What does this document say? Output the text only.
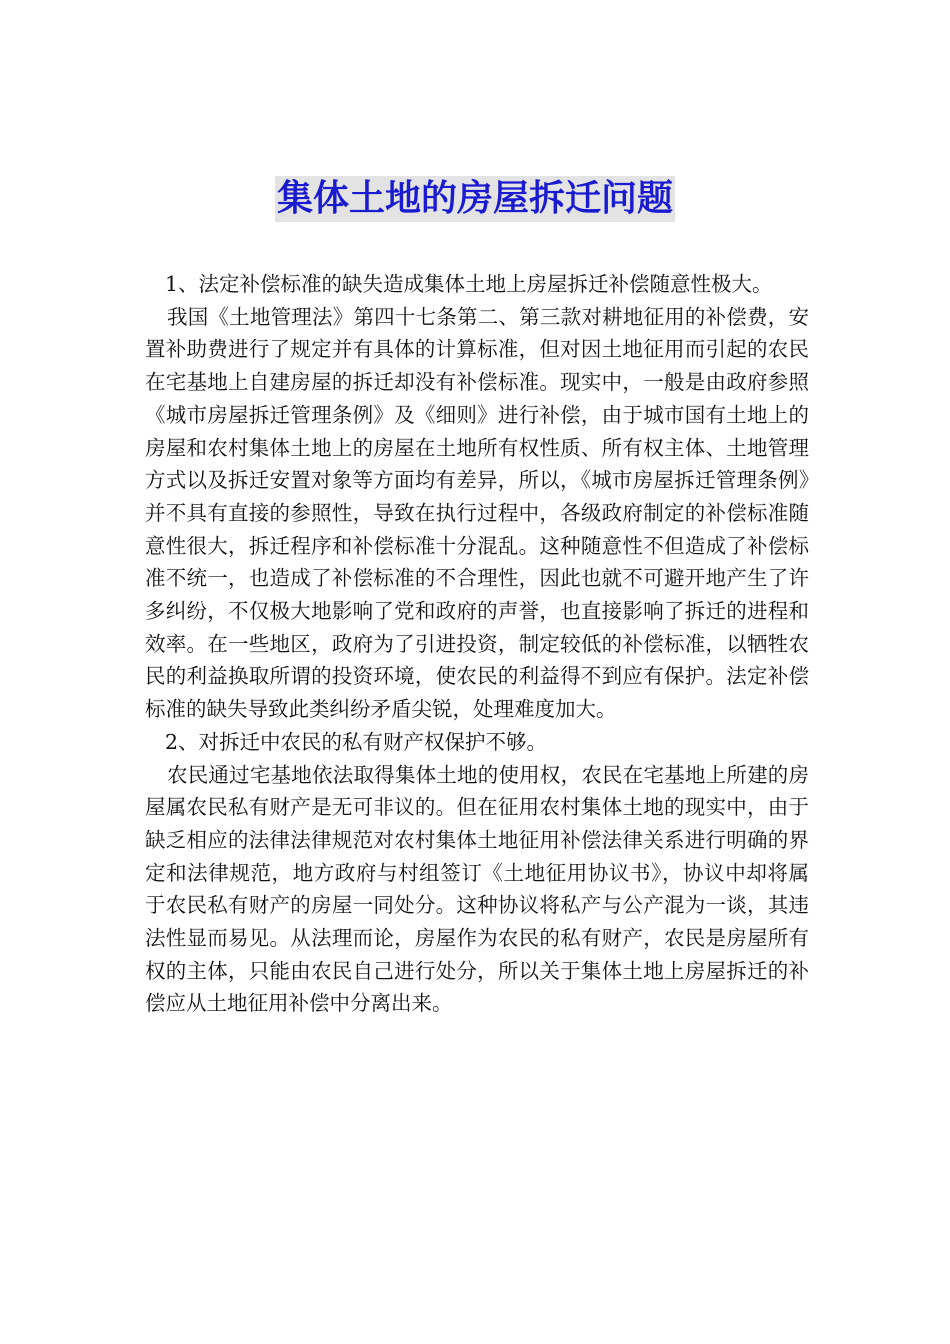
集体土地的房屋拆迁问题

1、法定补偿标准的缺失造成集体土地上房屋拆迁补偿随意性极大。

我国《土地管理法》第四十七条第二、第三款对耕地征用的补偿费，安置补助费进行了规定并有具体的计算标准，但对因土地征用而引起的农民在宅基地上自建房屋的拆迁却没有补偿标准。现实中，一般是由政府参照《城市房屋拆迁管理条例》及《细则》进行补偿，由于城市国有土地上的房屋和农村集体土地上的房屋在土地所有权性质、所有权主体、土地管理方式以及拆迁安置对象等方面均有差异，所以，《城市房屋拆迁管理条例》并不具有直接的参照性，导致在执行过程中，各级政府制定的补偿标准随意性很大，拆迁程序和补偿标准十分混乱。这种随意性不但造成了补偿标准不统一，也造成了补偿标准的不合理性，因此也就不可避开地产生了许多纠纷，不仅极大地影响了党和政府的声誉，也直接影响了拆迁的进程和效率。在一些地区，政府为了引进投资，制定较低的补偿标准，以牺牲农民的利益换取所谓的投资环境，使农民的利益得不到应有保护。法定补偿标准的缺失导致此类纠纷矛盾尖锐，处理难度加大。

2、对拆迁中农民的私有财产权保护不够。

农民通过宅基地依法取得集体土地的使用权，农民在宅基地上所建的房屋属农民私有财产是无可非议的。但在征用农村集体土地的现实中，由于缺乏相应的法律法律规范对农村集体土地征用补偿法律关系进行明确的界定和法律规范，地方政府与村组签订《土地征用协议书》，协议中却将属于农民私有财产的房屋一同处分。这种协议将私产与公产混为一谈，其违法性显而易见。从法理而论，房屋作为农民的私有财产，农民是房屋所有权的主体，只能由农民自己进行处分，所以关于集体土地上房屋拆迁的补偿应从土地征用补偿中分离出来。
